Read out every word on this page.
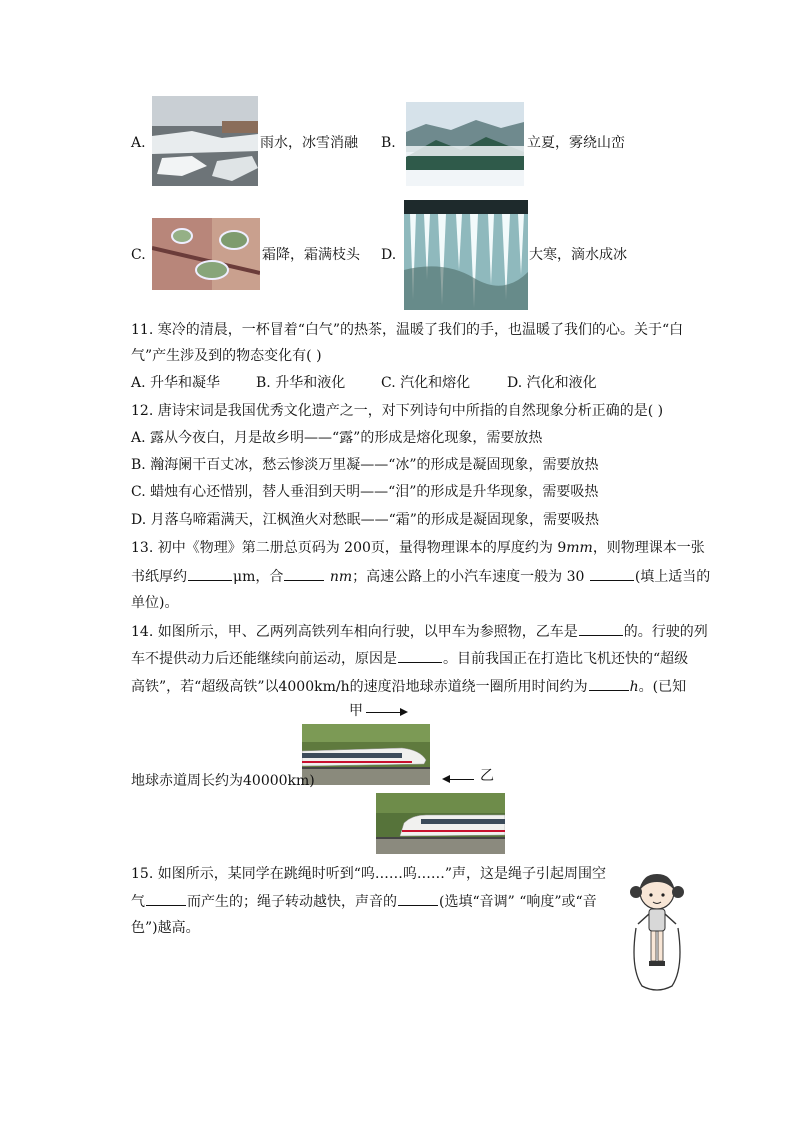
A.	雨水，冰雪消融 B.	立夏，雾绕山峦
C.	霜降，霜满枝头 D.	大寒，滴水成冰
11. 寒冷的清晨，一杯冒着“白气”的热茶，温暖了我们的手，也温暖了我们的心。关于“白
气”产生涉及到的物态变化有( )
A. 升华和凝华	B. 升华和液化	C. 汽化和熔化	D. 汽化和液化
12. 唐诗宋词是我国优秀文化遗产之一，对下列诗句中所指的自然现象分析正确的是( )
A. 露从今夜白，月是故乡明——“露”的形成是熔化现象，需要放热
B. 瀚海阑干百丈冰，愁云惨淡万里凝——“冰”的形成是凝固现象，需要放热
C. 蜡烛有心还惜别，替人垂泪到天明——“泪”的形成是升华现象，需要吸热
D. 月落乌啼霜满天，江枫渔火对愁眠——“霜”的形成是凝固现象，需要吸热
13. 初中《物理》第二册总页码为 200页，量得物理课本的厚度约为 9mm，则物理课本一张
书纸厚约	μm，合	nm；高速公路上的小汽车速度一般为 30	(填上适当的
单位)。
14. 如图所示，甲、乙两列高铁列车相向行驶，以甲车为参照物，乙车是	的。行驶的列
车不提供动力后还能继续向前运动，原因是	。目前我国正在打造比飞机还快的“超级
高铁”，若“超级高铁”以4000km/h的速度沿地球赤道绕一圈所用时间约为	h。(已知
甲
地球赤道周长约为40000km)	乙
15. 如图所示，某同学在跳绳时听到“呜……呜……”声，这是绳子引起周围空
气	而产生的；绳子转动越快，声音的	(选填“音调” “响度”或“音
色”)越高。
